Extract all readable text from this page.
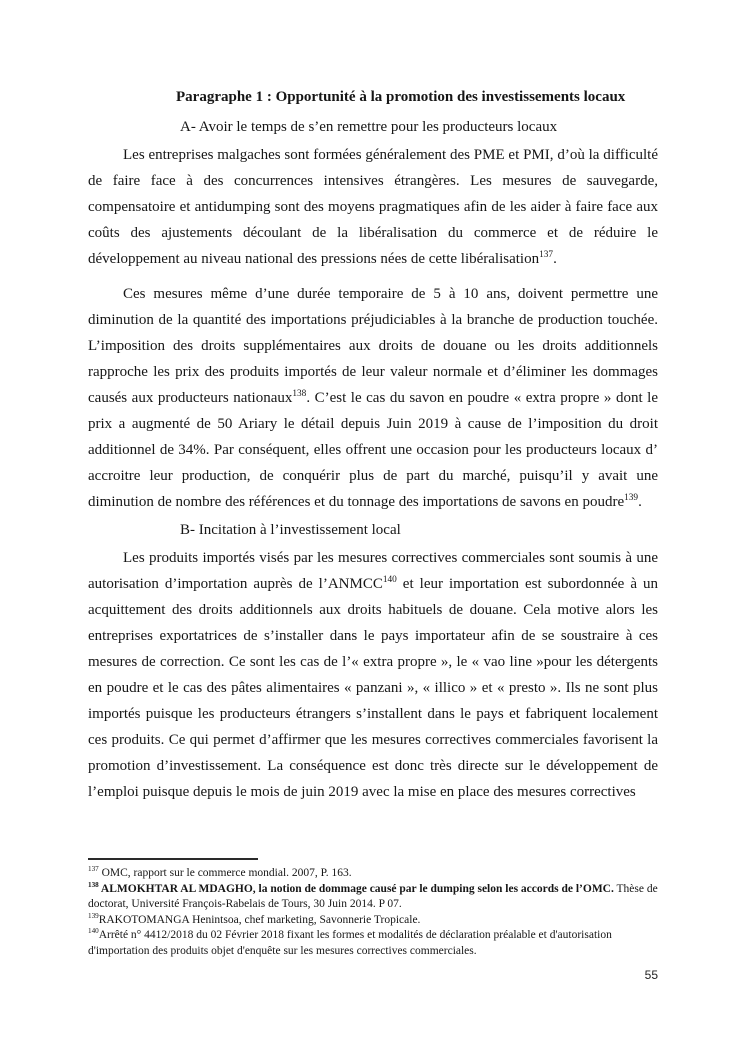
Paragraphe 1 : Opportunité à la promotion des investissements locaux
A- Avoir le temps de s’en remettre pour les producteurs locaux

Les entreprises malgaches sont formées généralement des PME et PMI, d’où la difficulté de faire face à des concurrences intensives étrangères. Les mesures de sauvegarde, compensatoire et antidumping sont des moyens pragmatiques afin de les aider à faire face aux coûts des ajustements découlant de la libéralisation du commerce et de réduire le développement au niveau national des pressions nées de cette libéralisation$^{137}$.

Ces mesures même d’une durée temporaire de 5 à 10 ans, doivent permettre une diminution de la quantité des importations préjudiciables à la branche de production touchée. L’imposition des droits supplémentaires aux droits de douane ou les droits additionnels rapproche les prix des produits importés de leur valeur normale et d’éliminer les dommages causés aux producteurs nationaux$^{138}$. C’est le cas du savon en poudre « extra propre » dont le prix a augmenté de 50 Ariary le détail depuis Juin 2019 à cause de l’imposition du droit additionnel de 34%. Par conséquent, elles offrent une occasion pour les producteurs locaux d’ accroitre leur production, de conquérir plus de part du marché, puisqu’il y avait une diminution de nombre des références et du tonnage des importations de savons en poudre$^{139}$.

B- Incitation à l’investissement local

Les produits importés visés par les mesures correctives commerciales sont soumis à une autorisation d’importation auprès de l’ANMCC$^{140}$ et leur importation est subordonnée à un acquittement des droits additionnels aux droits habituels de douane. Cela motive alors les entreprises exportatrices de s’installer dans le pays importateur afin de se soustraire à ces mesures de correction. Ce sont les cas de l’« extra propre », le « vao line »pour les détergents en poudre et le cas des pâtes alimentaires « panzani », « illico » et « presto ». Ils ne sont plus importés puisque les producteurs étrangers s’installent dans le pays et fabriquent localement ces produits. Ce qui permet d’affirmer que les mesures correctives commerciales favorisent la promotion d’investissement. La conséquence est donc très directe sur le développement de l’emploi puisque depuis le mois de juin 2019 avec la mise en place des mesures correctives

$^{137}$ OMC, rapport sur le commerce mondial. 2007, P. 163.
$^{138}$ ALMOKHTAR AL MDAGHO, la notion de dommage causé par le dumping selon les accords de l’OMC. Thèse de doctorat, Université François-Rabelais de Tours, 30 Juin 2014. P 07.
$^{139}$RAKOTOMANGA Henintsoa, chef marketing, Savonnerie Tropicale.
$^{140}$Arrêté n° 4412/2018 du 02 Février 2018 fixant les formes et modalités de déclaration préalable et d'autorisation d'importation des produits objet d'enquête sur les mesures correctives commerciales.
55
